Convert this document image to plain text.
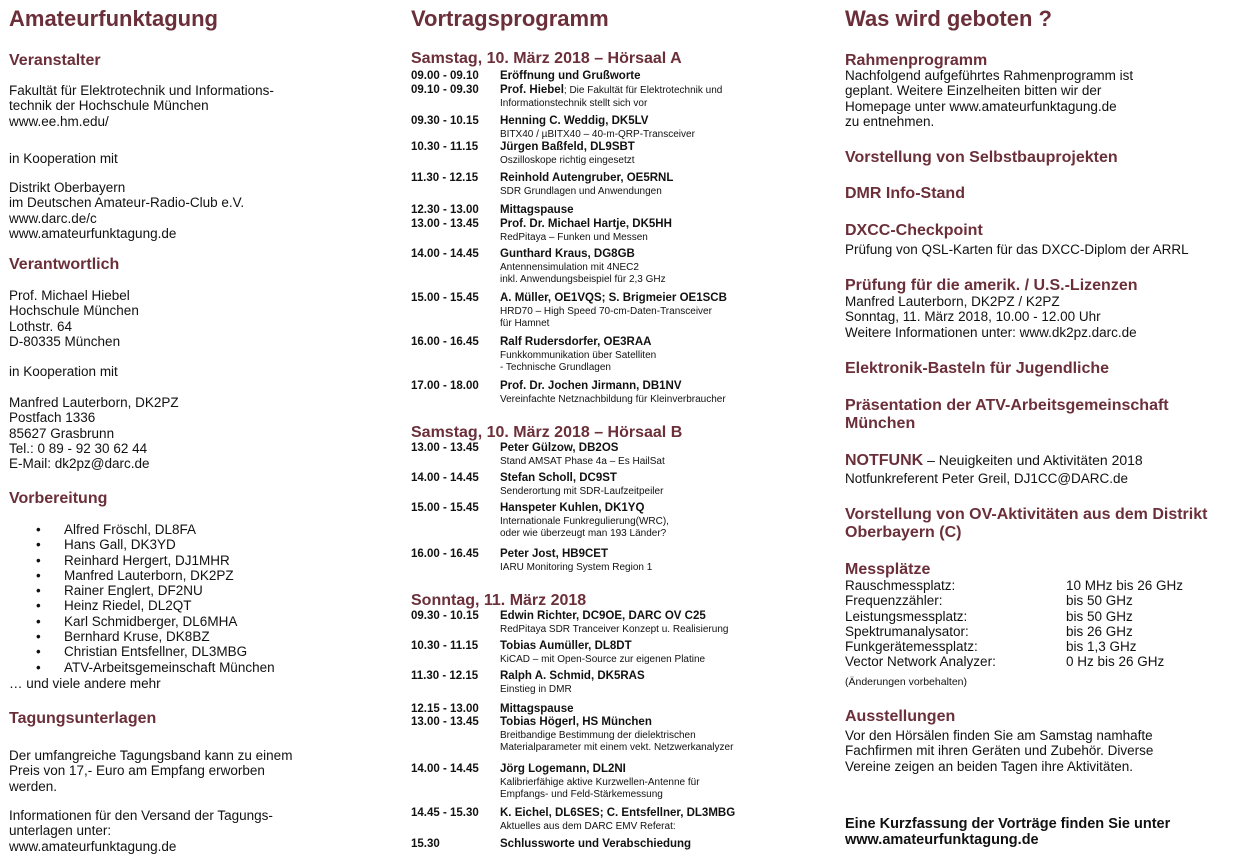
Amateurfunktagung
Veranstalter
Fakultät für Elektrotechnik und Informations-
technik der Hochschule München
www.ee.hm.edu/
in Kooperation mit
Distrikt Oberbayern
im Deutschen Amateur-Radio-Club e.V.
www.darc.de/c
www.amateurfunktagung.de
Verantwortlich
Prof. Michael Hiebel
Hochschule München
Lothstr. 64
D-80335 München
in Kooperation mit
Manfred Lauterborn, DK2PZ
Postfach 1336
85627 Grasbrunn
Tel.: 0 89 - 92 30 62 44
E-Mail: dk2pz@darc.de
Vorbereitung
• Alfred Fröschl, DL8FA
• Hans Gall, DK3YD
• Reinhard Hergert, DJ1MHR
• Manfred Lauterborn, DK2PZ
• Rainer Englert, DF2NU
• Heinz Riedel, DL2QT
• Karl Schmidberger, DL6MHA
• Bernhard Kruse, DK8BZ
• Christian Entsfellner, DL3MBG
• ATV-Arbeitsgemeinschaft München
… und viele andere mehr
Tagungsunterlagen
Der umfangreiche Tagungsband kann zu einem
Preis von 17,- Euro am Empfang erworben
werden.
Informationen für den Versand der Tagungs-
unterlagen unter:
www.amateurfunktagung.de
Vortragsprogramm
Samstag, 10. März 2018 – Hörsaal A
09.00 - 09.10 Eröffnung und Grußworte
09.10 - 09.30 Prof. Hiebel; Die Fakultät für Elektrotechnik und
Informationstechnik stellt sich vor
09.30 - 10.15 Henning C. Weddig, DK5LV
BITX40 / µBITX40 – 40-m-QRP-Transceiver
10.30 - 11.15 Jürgen Baßfeld, DL9SBT
Oszilloskope richtig eingesetzt
11.30 - 12.15 Reinhold Autengruber, OE5RNL
SDR Grundlagen und Anwendungen
12.30 - 13.00 Mittagspause
13.00 - 13.45 Prof. Dr. Michael Hartje, DK5HH
RedPitaya – Funken und Messen
14.00 - 14.45 Gunthard Kraus, DG8GB
Antennensimulation mit 4NEC2
inkl. Anwendungsbeispiel für 2,3 GHz
15.00 - 15.45 A. Müller, OE1VQS; S. Brigmeier OE1SCB
HRD70 – High Speed 70-cm-Daten-Transceiver
für Hamnet
16.00 - 16.45 Ralf Rudersdorfer, OE3RAA
Funkkommunikation über Satelliten
- Technische Grundlagen
17.00 - 18.00 Prof. Dr. Jochen Jirmann, DB1NV
Vereinfachte Netznachbildung für Kleinverbraucher
Samstag, 10. März 2018 – Hörsaal B
13.00 - 13.45 Peter Gülzow, DB2OS
Stand AMSAT Phase 4a – Es HailSat
14.00 - 14.45 Stefan Scholl, DC9ST
Senderortung mit SDR-Laufzeitpeiler
15.00 - 15.45 Hanspeter Kuhlen, DK1YQ
Internationale Funkregulierung(WRC),
oder wie überzeugt man 193 Länder?
16.00 - 16.45 Peter Jost, HB9CET
IARU Monitoring System Region 1
Sonntag, 11. März 2018
09.30 - 10.15 Edwin Richter, DC9OE, DARC OV C25
RedPitaya SDR Tranceiver Konzept u. Realisierung
10.30 - 11.15 Tobias Aumüller, DL8DT
KiCAD – mit Open-Source zur eigenen Platine
11.30 - 12.15 Ralph A. Schmid, DK5RAS
Einstieg in DMR
12.15 - 13.00 Mittagspause
13.00 - 13.45 Tobias Högerl, HS München
Breitbandige Bestimmung der dielektrischen
Materialparameter mit einem vekt. Netzwerkanalyzer
14.00 - 14.45 Jörg Logemann, DL2NI
Kalibrierfähige aktive Kurzwellen-Antenne für
Empfangs- und Feld-Stärkemessung
14.45 - 15.30 K. Eichel, DL6SES; C. Entsfellner, DL3MBG
Aktuelles aus dem DARC EMV Referat:
15.30	Schlussworte und Verabschiedung
Was wird geboten ?
Rahmenprogramm
Nachfolgend aufgeführtes Rahmenprogramm ist
geplant. Weitere Einzelheiten bitten wir der
Homepage unter www.amateurfunktagung.de
zu entnehmen.
Vorstellung von Selbstbauprojekten
DMR Info-Stand
DXCC-Checkpoint
Prüfung von QSL-Karten für das DXCC-Diplom der ARRL
Prüfung für die amerik. / U.S.-Lizenzen
Manfred Lauterborn, DK2PZ / K2PZ
Sonntag, 11. März 2018, 10.00 - 12.00 Uhr
Weitere Informationen unter: www.dk2pz.darc.de
Elektronik-Basteln für Jugendliche
Präsentation der ATV-Arbeitsgemeinschaft München
NOTFUNK – Neuigkeiten und Aktivitäten 2018
Notfunkreferent Peter Greil, DJ1CC@DARC.de
Vorstellung von OV-Aktivitäten aus dem Distrikt Oberbayern (C)
Messplätze
Rauschmessplatz:	10 MHz bis 26 GHz
Frequenzzähler:	bis 50 GHz
Leistungsmessplatz:	bis 50 GHz
Spektrumanalysator:	bis 26 GHz
Funkgerätemessplatz:	bis 1,3 GHz
Vector Network Analyzer:	0 Hz bis 26 GHz
(Änderungen vorbehalten)
Ausstellungen
Vor den Hörsälen finden Sie am Samstag namhafte
Fachfirmen mit ihren Geräten und Zubehör. Diverse
Vereine zeigen an beiden Tagen ihre Aktivitäten.
Eine Kurzfassung der Vorträge finden Sie unter
www.amateurfunktagung.de
